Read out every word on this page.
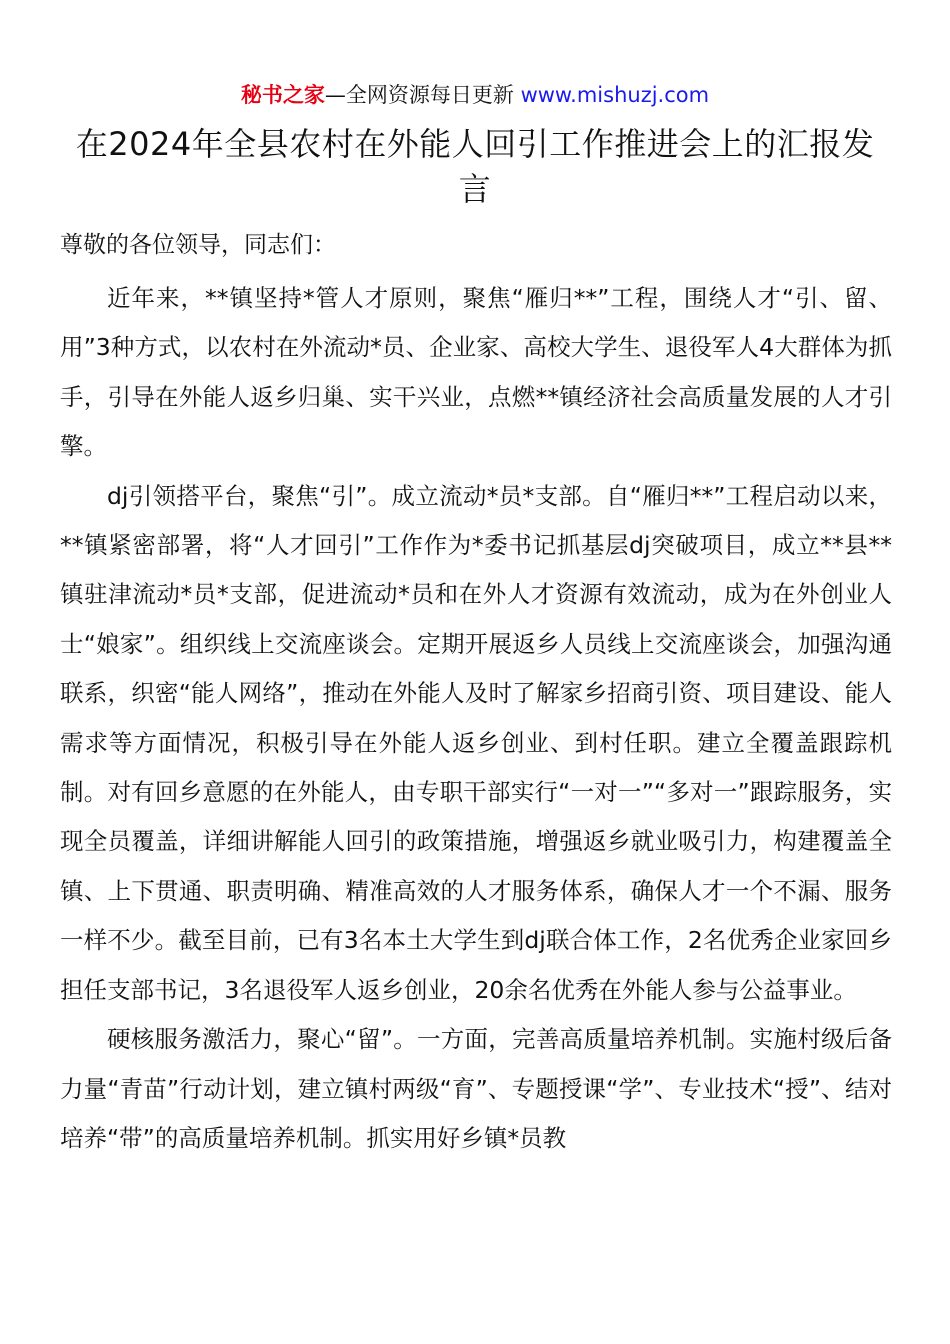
秘书之家—全网资源每日更新 www.mishuzj.com
在2024年全县农村在外能人回引工作推进会上的汇报发言
尊敬的各位领导，同志们：

近年来，**镇坚持*管人才原则，聚焦“雁归**”工程，围绕人才“引、留、用”3种方式，以农村在外流动*员、企业家、高校大学生、退役军人4大群体为抓手，引导在外能人返乡归巢、实干兴业，点燃**镇经济社会高质量发展的人才引擎。

dj引领搭平台，聚焦“引”。成立流动*员*支部。自“雁归**”工程启动以来，**镇紧密部署，将“人才回引”工作作为*委书记抓基层dj突破项目，成立**县**镇驻津流动*员*支部，促进流动*员和在外人才资源有效流动，成为在外创业人士“娘家”。组织线上交流座谈会。定期开展返乡人员线上交流座谈会，加强沟通联系，织密“能人网络”，推动在外能人及时了解家乡招商引资、项目建设、能人需求等方面情况，积极引导在外能人返乡创业、到村任职。建立全覆盖跟踪机制。对有回乡意愿的在外能人，由专职干部实行“一对一”“多对一”跟踪服务，实现全员覆盖，详细讲解能人回引的政策措施，增强返乡就业吸引力，构建覆盖全镇、上下贯通、职责明确、精准高效的人才服务体系，确保人才一个不漏、服务一样不少。截至目前，已有3名本土大学生到dj联合体工作，2名优秀企业家回乡担任支部书记，3名退役军人返乡创业，20余名优秀在外能人参与公益事业。

硬核服务激活力，聚心“留”。一方面，完善高质量培养机制。实施村级后备力量“青苗”行动计划，建立镇村两级“育”、专题授课“学”、专业技术“授”、结对培养“带”的高质量培养机制。抓实用好乡镇*员教
